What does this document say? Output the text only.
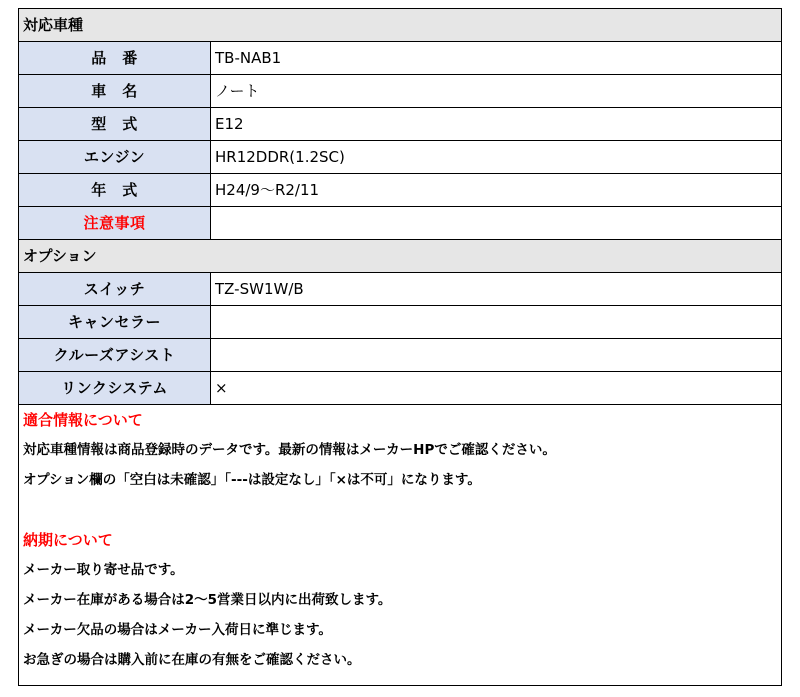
対応車種
品　番	TB-NAB1
車　名	ノート
型　式	E12
エンジン	HR12DDR(1.2SC)
年　式	H24/9～R2/11
注意事項
オプション
スイッチ	TZ-SW1W/B
キャンセラー
クルーズアシスト
リンクシステム	×
適合情報について
対応車種情報は商品登録時のデータです。最新の情報はメーカーHPでご確認ください。
オプション欄の「空白は未確認」「---は設定なし」「×は不可」になります。
納期について
メーカー取り寄せ品です。
メーカー在庫がある場合は2～5営業日以内に出荷致します。
メーカー欠品の場合はメーカー入荷日に準じます。
お急ぎの場合は購入前に在庫の有無をご確認ください。
